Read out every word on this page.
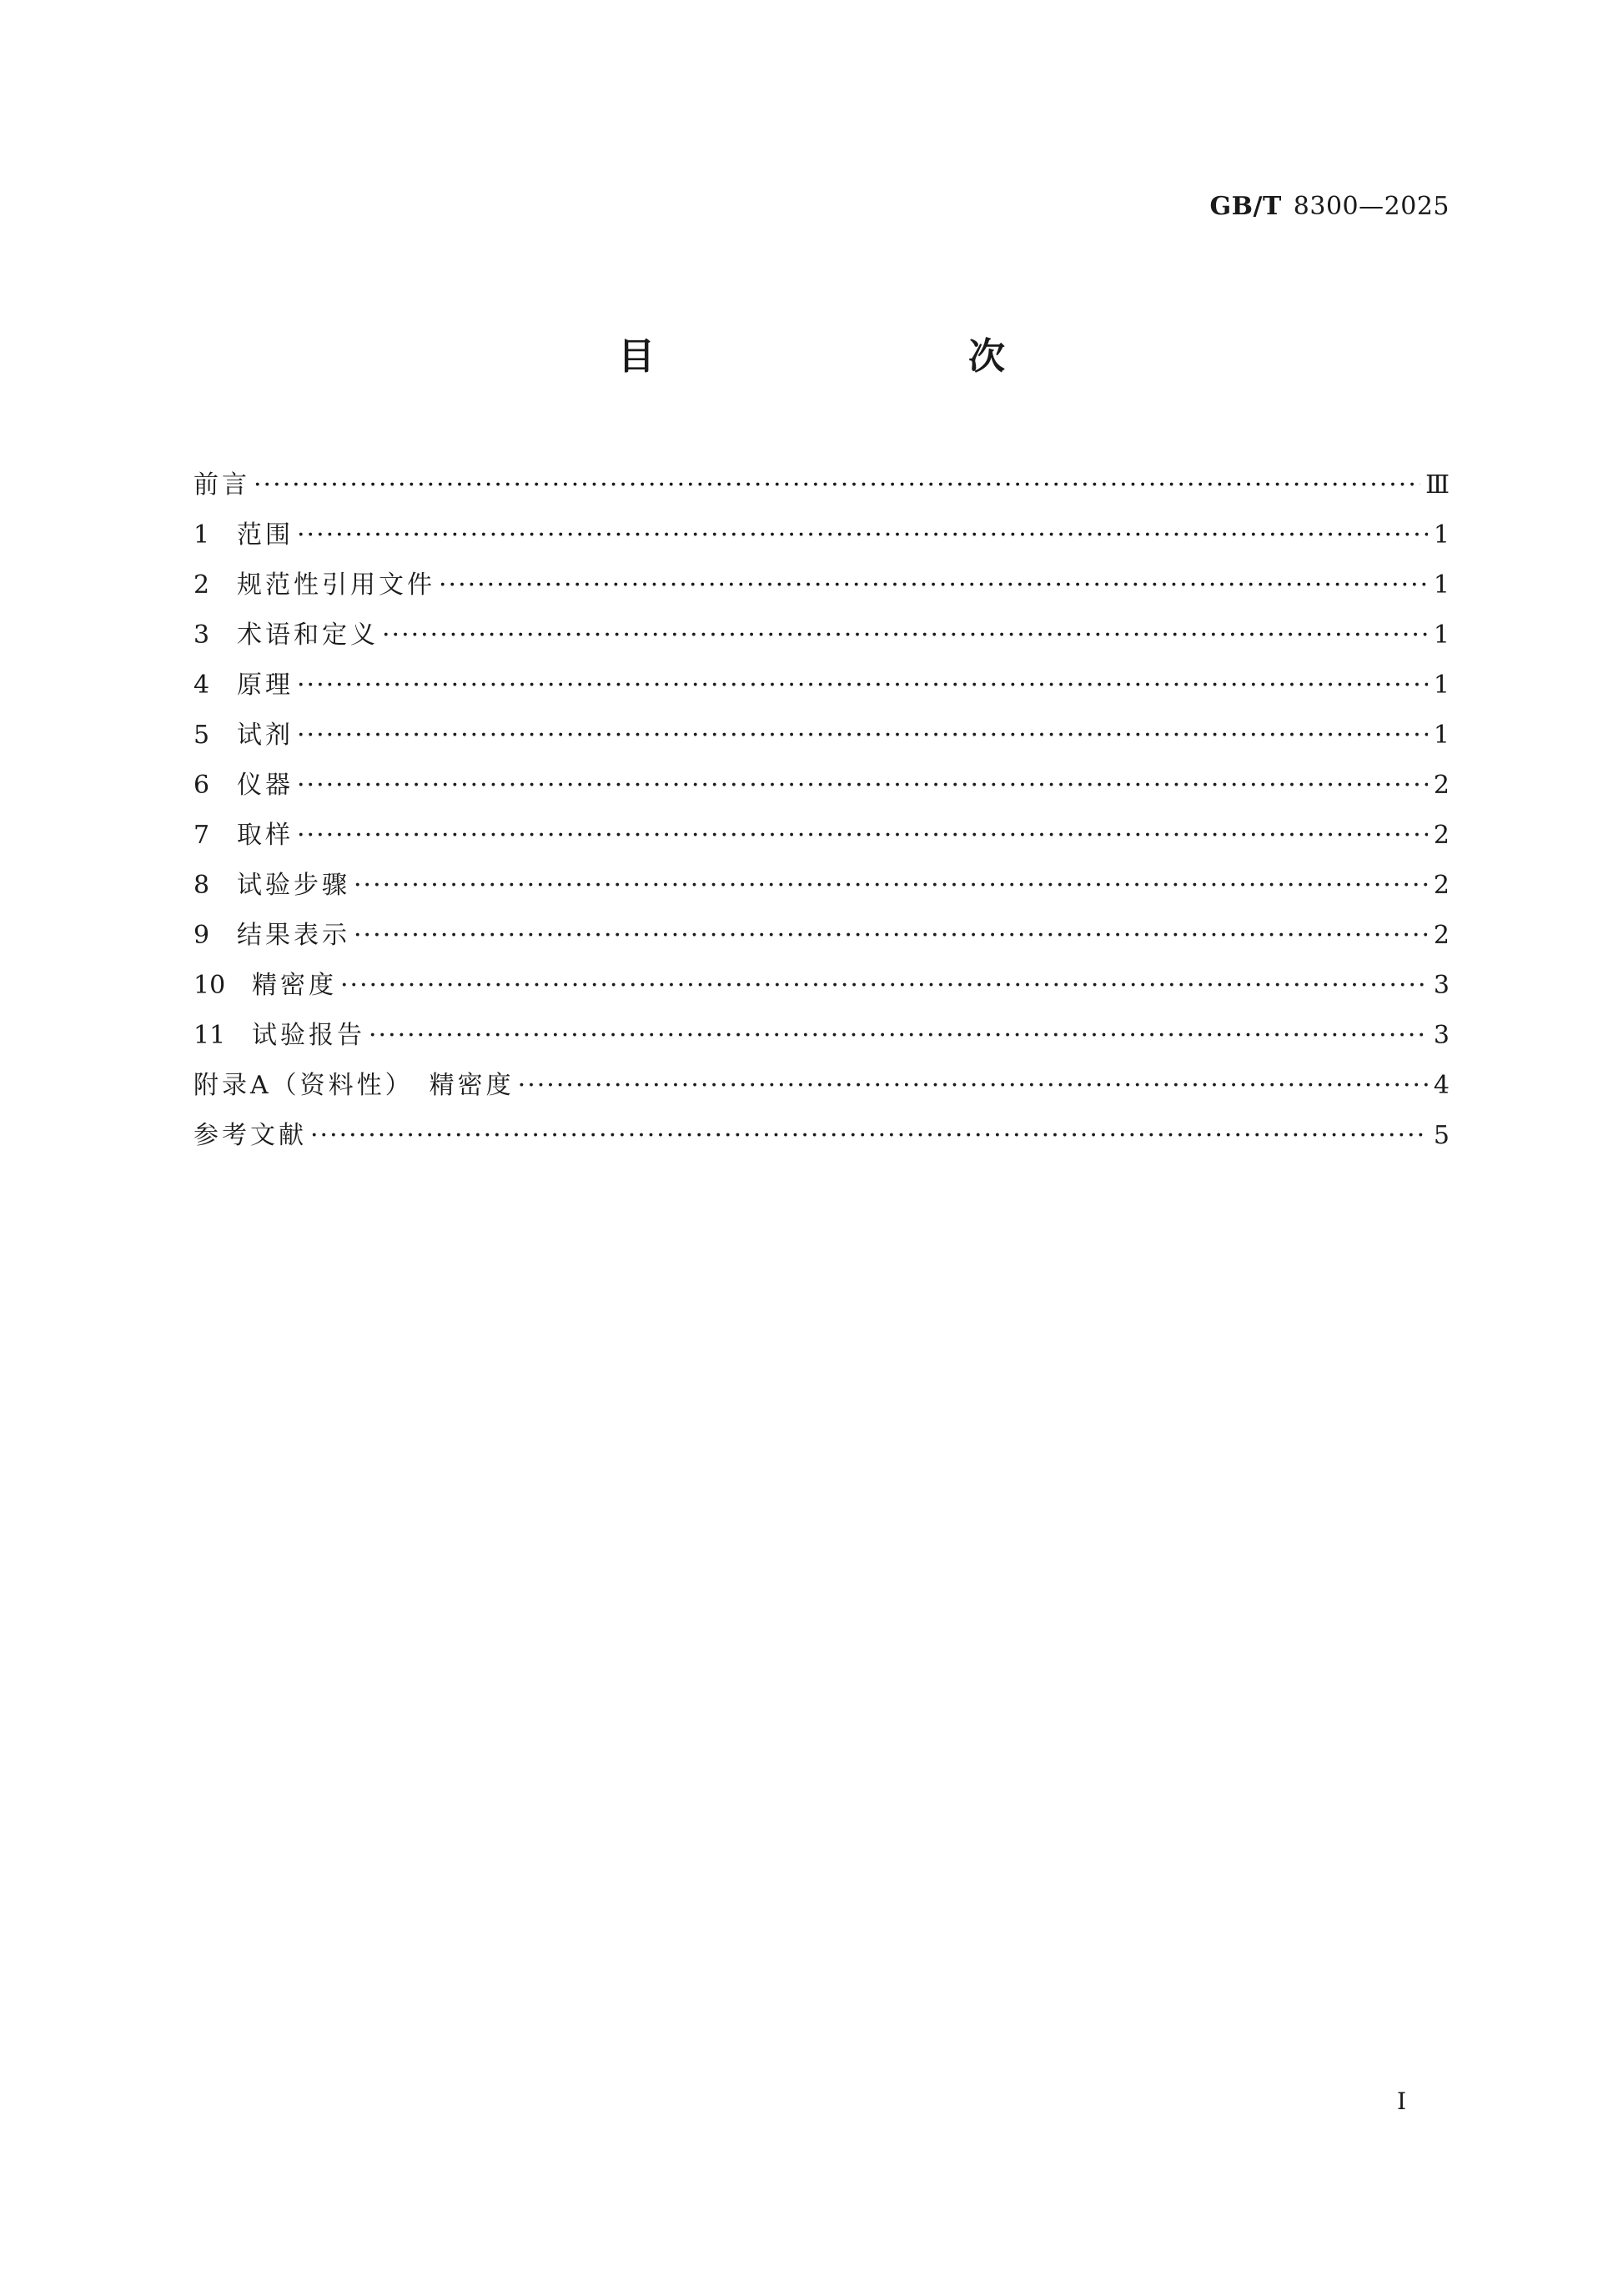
GB/T 8300—2025
目　　次
前言 ·····	Ⅲ
1	范围 ·····	1
2	规范性引用文件 ·····	1
3	术语和定义 ·····	1
4	原理 ·····	1
5	试剂 ·····	1
6	仪器 ·····	2
7	取样 ·····	2
8	试验步骤 ·····	2
9	结果表示 ·····	2
10	精密度 ·····	3
11	试验报告 ·····	3
附录A（资料性）　精密度 ·····	4
参考文献 ·····	5
Ⅰ
